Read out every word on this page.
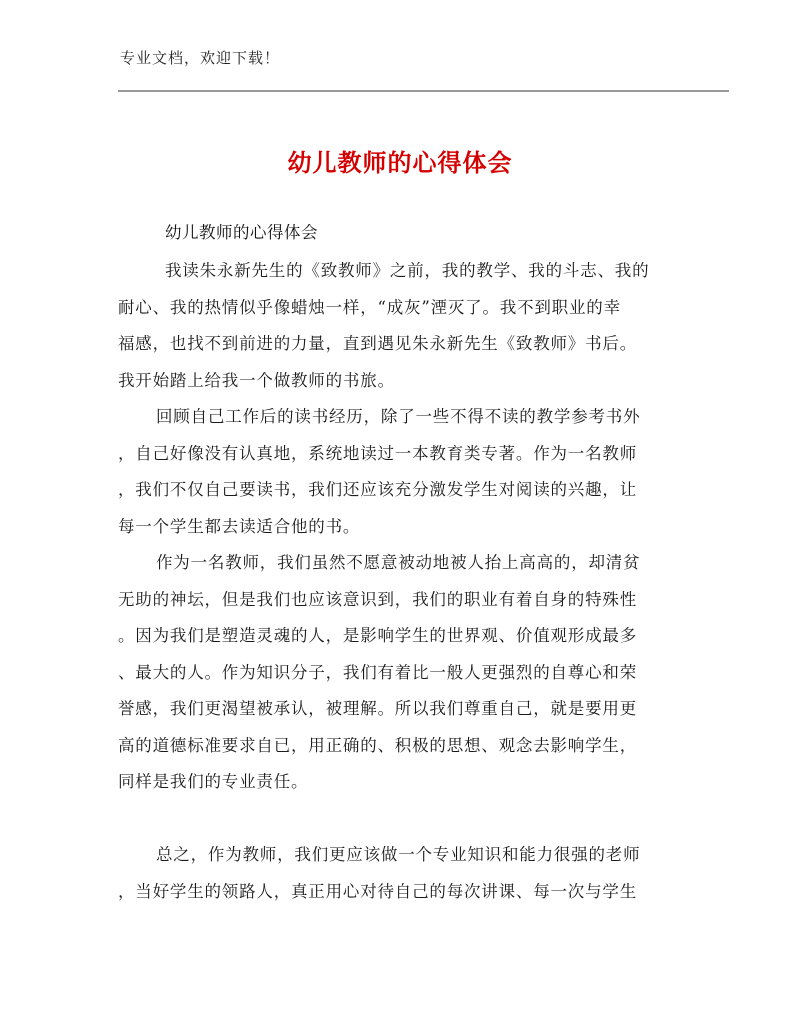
专业文档，欢迎下载！
幼儿教师的心得体会
幼儿教师的心得体会
我读朱永新先生的《致教师》之前，我的教学、我的斗志、我的
耐心、我的热情似乎像蜡烛一样，“成灰”湮灭了。我不到职业的幸
福感，也找不到前进的力量，直到遇见朱永新先生《致教师》书后。
我开始踏上给我一个做教师的书旅。
回顾自己工作后的读书经历，除了一些不得不读的教学参考书外
，自己好像没有认真地，系统地读过一本教育类专著。作为一名教师
，我们不仅自己要读书，我们还应该充分激发学生对阅读的兴趣，让
每一个学生都去读适合他的书。
作为一名教师，我们虽然不愿意被动地被人抬上高高的，却清贫
无助的神坛，但是我们也应该意识到，我们的职业有着自身的特殊性
。因为我们是塑造灵魂的人，是影响学生的世界观、价值观形成最多
、最大的人。作为知识分子，我们有着比一般人更强烈的自尊心和荣
誉感，我们更渴望被承认，被理解。所以我们尊重自己，就是要用更
高的道德标准要求自已，用正确的、积极的思想、观念去影响学生，
同样是我们的专业责任。
总之，作为教师，我们更应该做一个专业知识和能力很强的老师
，当好学生的领路人，真正用心对待自己的每次讲课、每一次与学生
